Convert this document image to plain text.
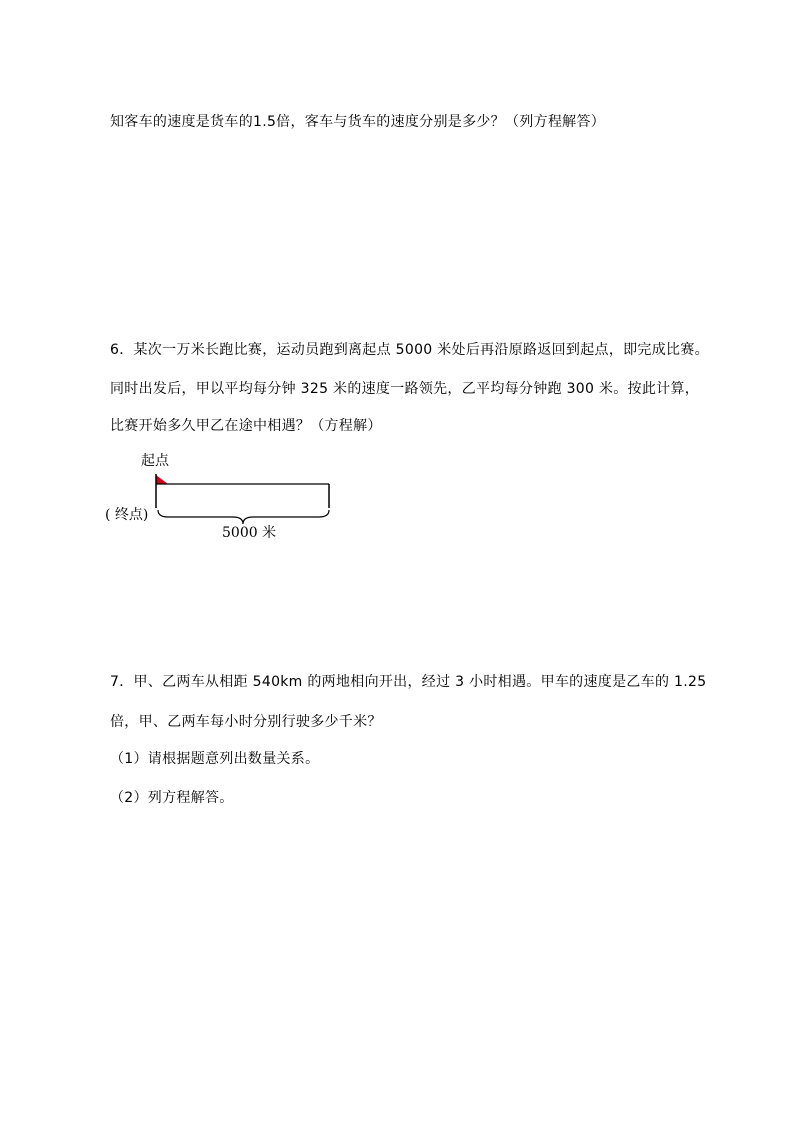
知客车的速度是货车的1.5倍，客车与货车的速度分别是多少？（列方程解答）
6．某次一万米长跑比赛，运动员跑到离起点 5000 米处后再沿原路返回到起点，即完成比赛。
同时出发后，甲以平均每分钟 325 米的速度一路领先，乙平均每分钟跑 300 米。按此计算，
比赛开始多久甲乙在途中相遇？（方程解）
起点
( 终点)
5000 米
7．甲、乙两车从相距 540km 的两地相向开出，经过 3 小时相遇。甲车的速度是乙车的 1.25
倍，甲、乙两车每小时分别行驶多少千米？
（1）请根据题意列出数量关系。
（2）列方程解答。
